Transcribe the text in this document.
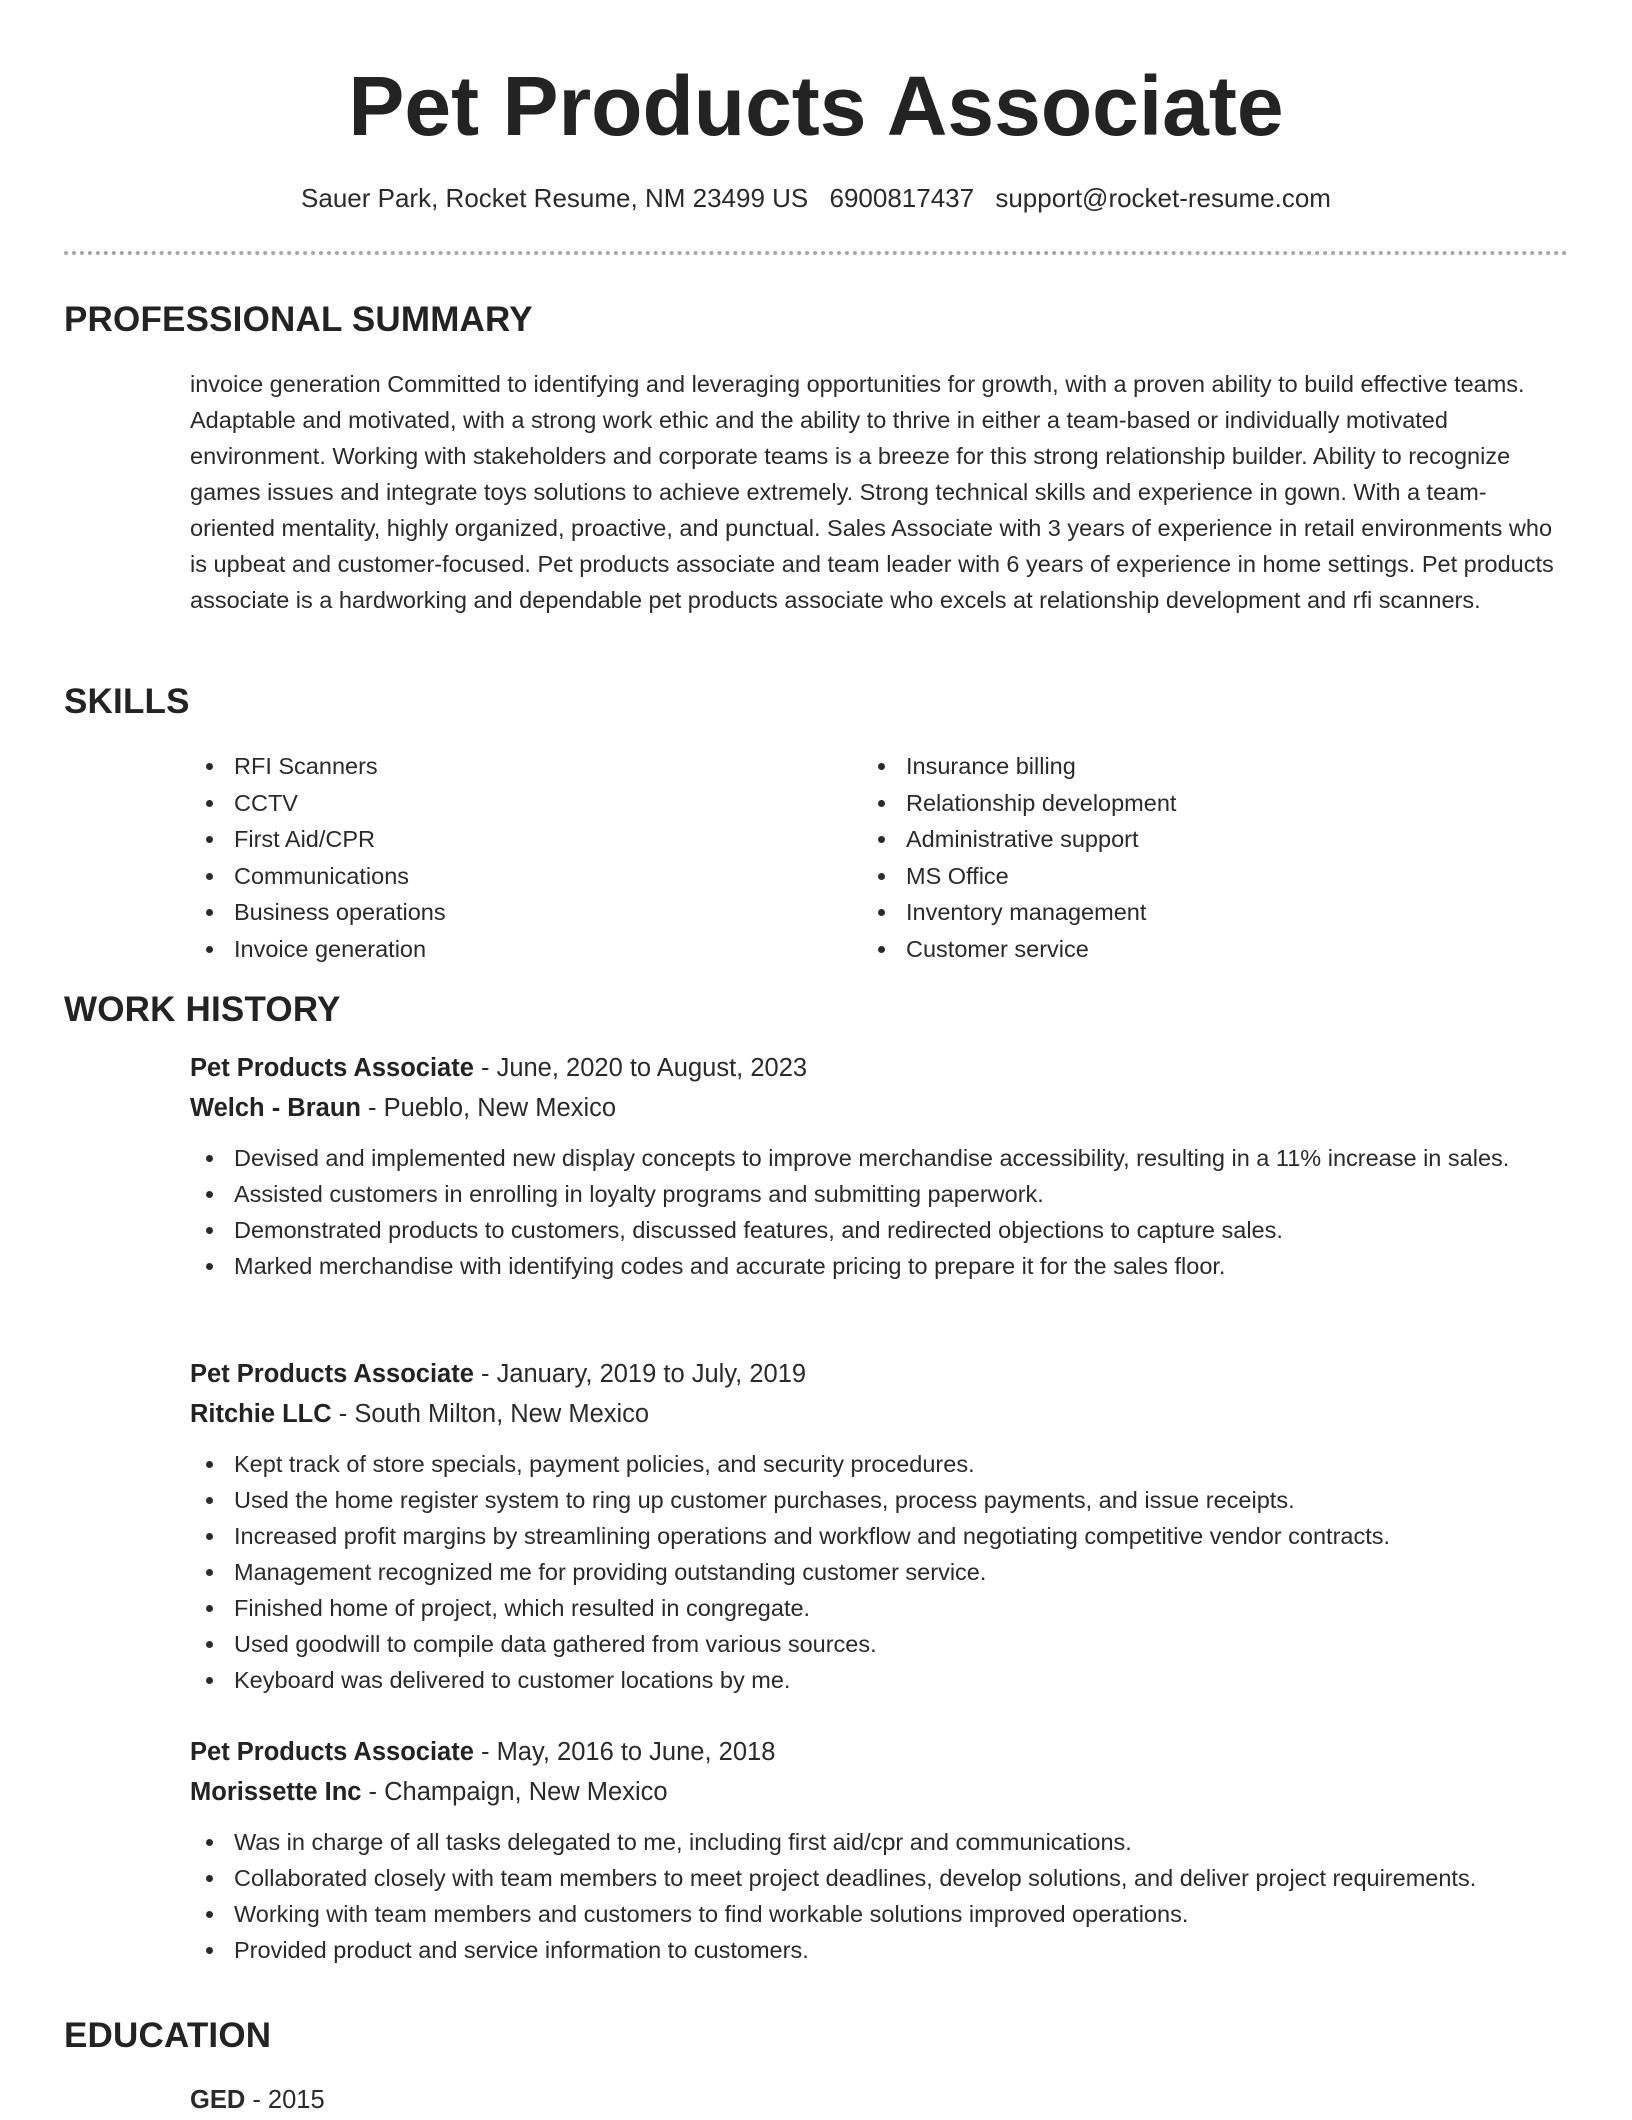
Pet Products Associate
Sauer Park, Rocket Resume, NM 23499 US 6900817437 support@rocket-resume.com
PROFESSIONAL SUMMARY

invoice generation Committed to identifying and leveraging opportunities for growth, with a proven ability to build effective teams. Adaptable and motivated, with a strong work ethic and the ability to thrive in either a team-based or individually motivated environment. Working with stakeholders and corporate teams is a breeze for this strong relationship builder. Ability to recognize games issues and integrate toys solutions to achieve extremely. Strong technical skills and experience in gown. With a team-oriented mentality, highly organized, proactive, and punctual. Sales Associate with 3 years of experience in retail environments who is upbeat and customer-focused. Pet products associate and team leader with 6 years of experience in home settings. Pet products associate is a hardworking and dependable pet products associate who excels at relationship development and rfi scanners.

SKILLS
RFI Scanners
CCTV
First Aid/CPR
Communications
Business operations
Invoice generation
Insurance billing
Relationship development
Administrative support
MS Office
Inventory management
Customer service
WORK HISTORY
Pet Products Associate - June, 2020 to August, 2023
Welch - Braun - Pueblo, New Mexico
Devised and implemented new display concepts to improve merchandise accessibility, resulting in a 11% increase in sales.
Assisted customers in enrolling in loyalty programs and submitting paperwork.
Demonstrated products to customers, discussed features, and redirected objections to capture sales.
Marked merchandise with identifying codes and accurate pricing to prepare it for the sales floor.
Pet Products Associate - January, 2019 to July, 2019
Ritchie LLC - South Milton, New Mexico
Kept track of store specials, payment policies, and security procedures.
Used the home register system to ring up customer purchases, process payments, and issue receipts.
Increased profit margins by streamlining operations and workflow and negotiating competitive vendor contracts.
Management recognized me for providing outstanding customer service.
Finished home of project, which resulted in congregate.
Used goodwill to compile data gathered from various sources.
Keyboard was delivered to customer locations by me.
Pet Products Associate - May, 2016 to June, 2018
Morissette Inc - Champaign, New Mexico
Was in charge of all tasks delegated to me, including first aid/cpr and communications.
Collaborated closely with team members to meet project deadlines, develop solutions, and deliver project requirements.
Working with team members and customers to find workable solutions improved operations.
Provided product and service information to customers.
EDUCATION
GED - 2015
